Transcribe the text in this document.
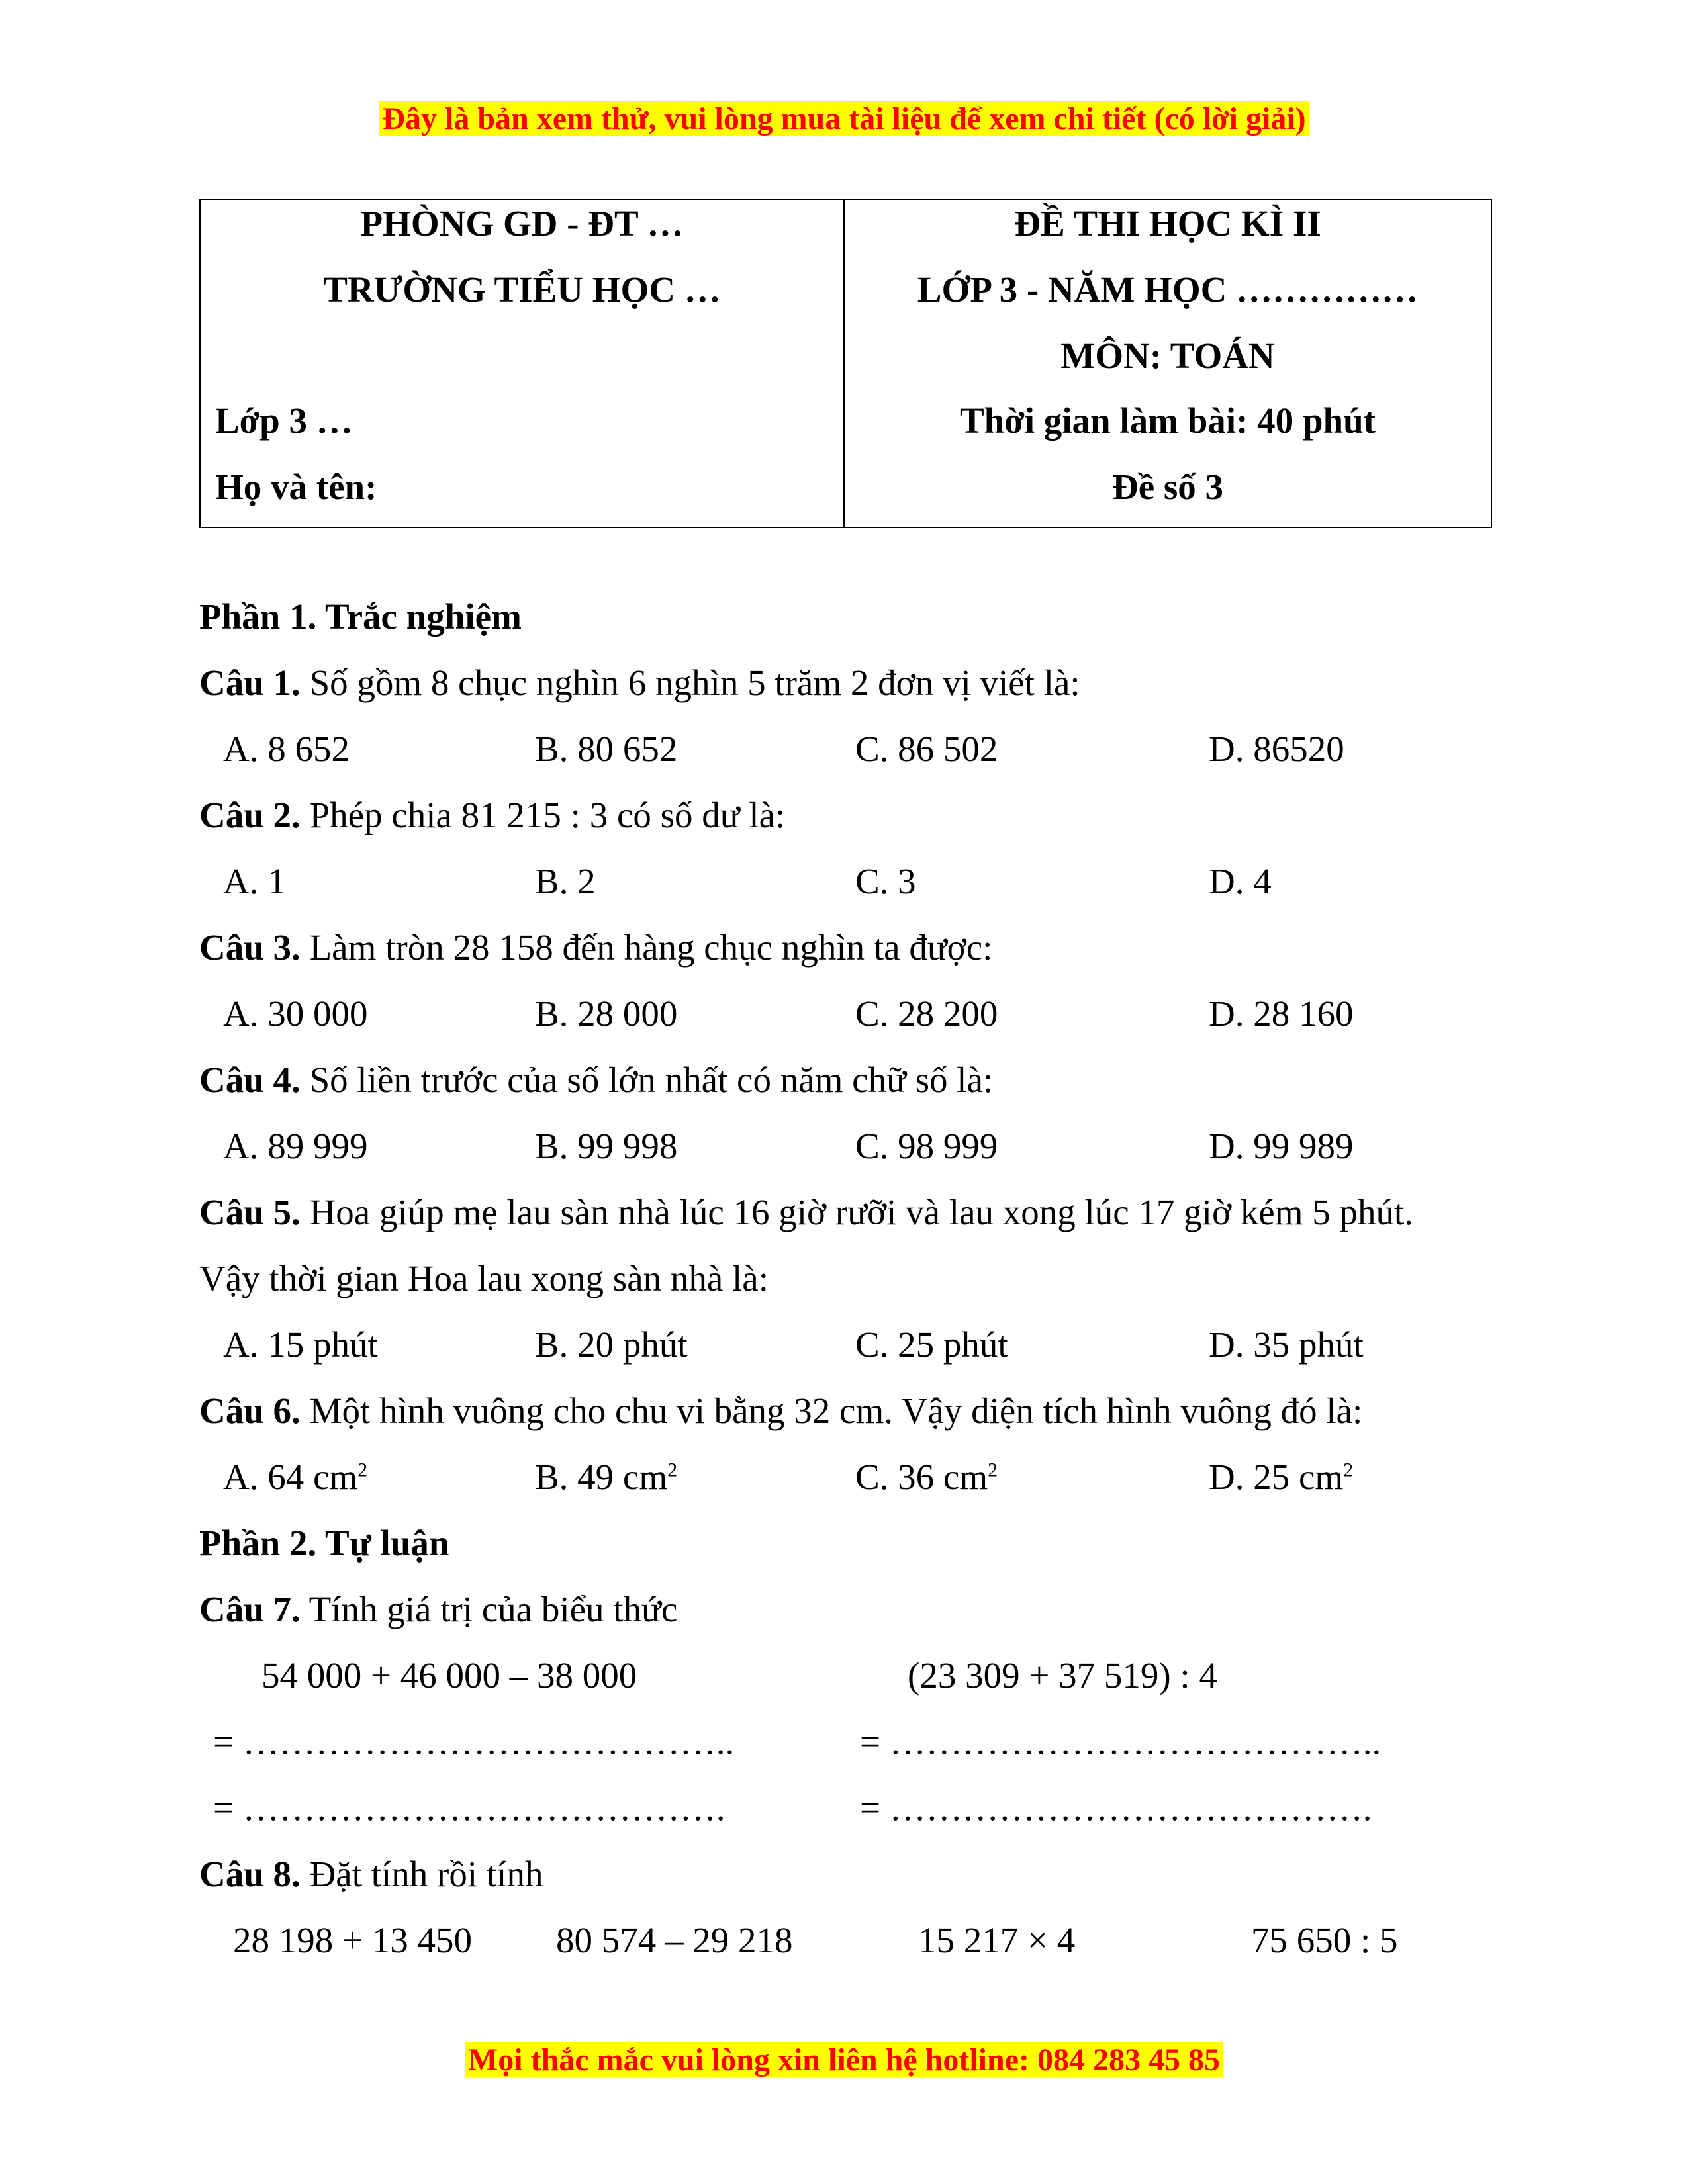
Đây là bản xem thử, vui lòng mua tài liệu để xem chi tiết (có lời giải)
PHÒNG GD - ĐT …
TRƯỜNG TIỂU HỌC …
Lớp 3 …
Họ và tên:
ĐỀ THI HỌC KÌ II
LỚP 3 - NĂM HỌC ……………
MÔN: TOÁN
Thời gian làm bài: 40 phút
Đề số 3
Phần 1. Trắc nghiệm
Câu 1. Số gồm 8 chục nghìn 6 nghìn 5 trăm 2 đơn vị viết là:
A. 8 652	B. 80 652	C. 86 502	D. 86520
Câu 2. Phép chia 81 215 : 3 có số dư là:
A. 1	B. 2	C. 3	D. 4
Câu 3. Làm tròn 28 158 đến hàng chục nghìn ta được:
A. 30 000	B. 28 000	C. 28 200	D. 28 160
Câu 4. Số liền trước của số lớn nhất có năm chữ số là:
A. 89 999	B. 99 998	C. 98 999	D. 99 989
Câu 5. Hoa giúp mẹ lau sàn nhà lúc 16 giờ rưỡi và lau xong lúc 17 giờ kém 5 phút.
Vậy thời gian Hoa lau xong sàn nhà là:
A. 15 phút	B. 20 phút	C. 25 phút	D. 35 phút
Câu 6. Một hình vuông cho chu vi bằng 32 cm. Vậy diện tích hình vuông đó là:
A. 64 $cm^2$	B. 49 $cm^2$	C. 36 $cm^2$	D. 25 $cm^2$
Phần 2. Tự luận
Câu 7. Tính giá trị của biểu thức
54 000 + 46 000 – 38 000	(23 309 + 37 519) : 4
= …………………………………..	= …………………………………..
= ………………………………….	= ………………………………….
Câu 8. Đặt tính rồi tính
28 198 + 13 450 80 574 – 29 218	15 217 × 4	75 650 : 5
Mọi thắc mắc vui lòng xin liên hệ hotline: 084 283 45 85
